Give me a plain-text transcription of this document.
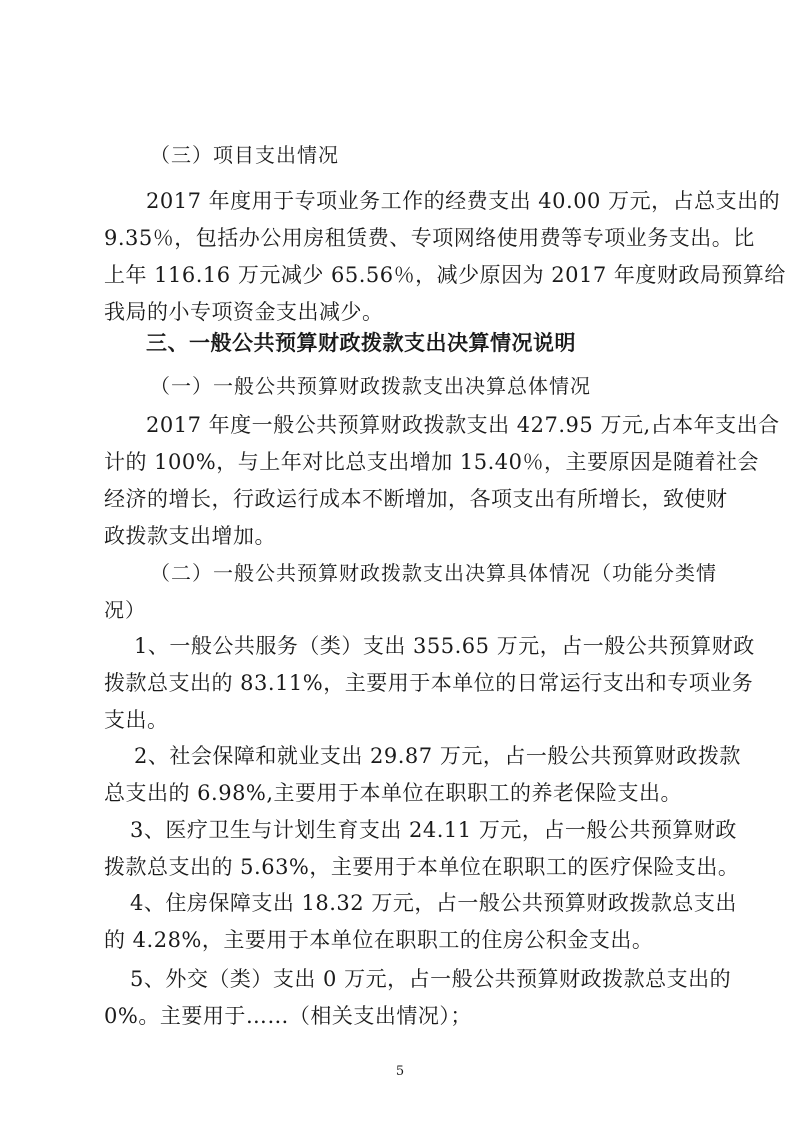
（三）项目支出情况

2017 年度用于专项业务工作的经费支出 40.00 万元，占总支出的
9.35％，包括办公用房租赁费、专项网络使用费等专项业务支出。比
上年 116.16 万元减少 65.56％，减少原因为 2017 年度财政局预算给
我局的小专项资金支出减少。

三、一般公共预算财政拨款支出决算情况说明

（一）一般公共预算财政拨款支出决算总体情况

2017 年度一般公共预算财政拨款支出 427.95 万元,占本年支出合
计的 100%，与上年对比总支出增加 15.40％，主要原因是随着社会
经济的增长，行政运行成本不断增加，各项支出有所增长，致使财
政拨款支出增加。

（二）一般公共预算财政拨款支出决算具体情况（功能分类情
况）

1、一般公共服务（类）支出 355.65 万元，占一般公共预算财政
拨款总支出的 83.11%，主要用于本单位的日常运行支出和专项业务
支出。

2、社会保障和就业支出 29.87 万元，占一般公共预算财政拨款
总支出的 6.98%,主要用于本单位在职职工的养老保险支出。

3、医疗卫生与计划生育支出 24.11 万元，占一般公共预算财政
拨款总支出的 5.63%，主要用于本单位在职职工的医疗保险支出。

4、住房保障支出 18.32 万元，占一般公共预算财政拨款总支出
的 4.28%，主要用于本单位在职职工的住房公积金支出。

5、外交（类）支出 0 万元，占一般公共预算财政拨款总支出的
0%。主要用于……（相关支出情况）；

5
